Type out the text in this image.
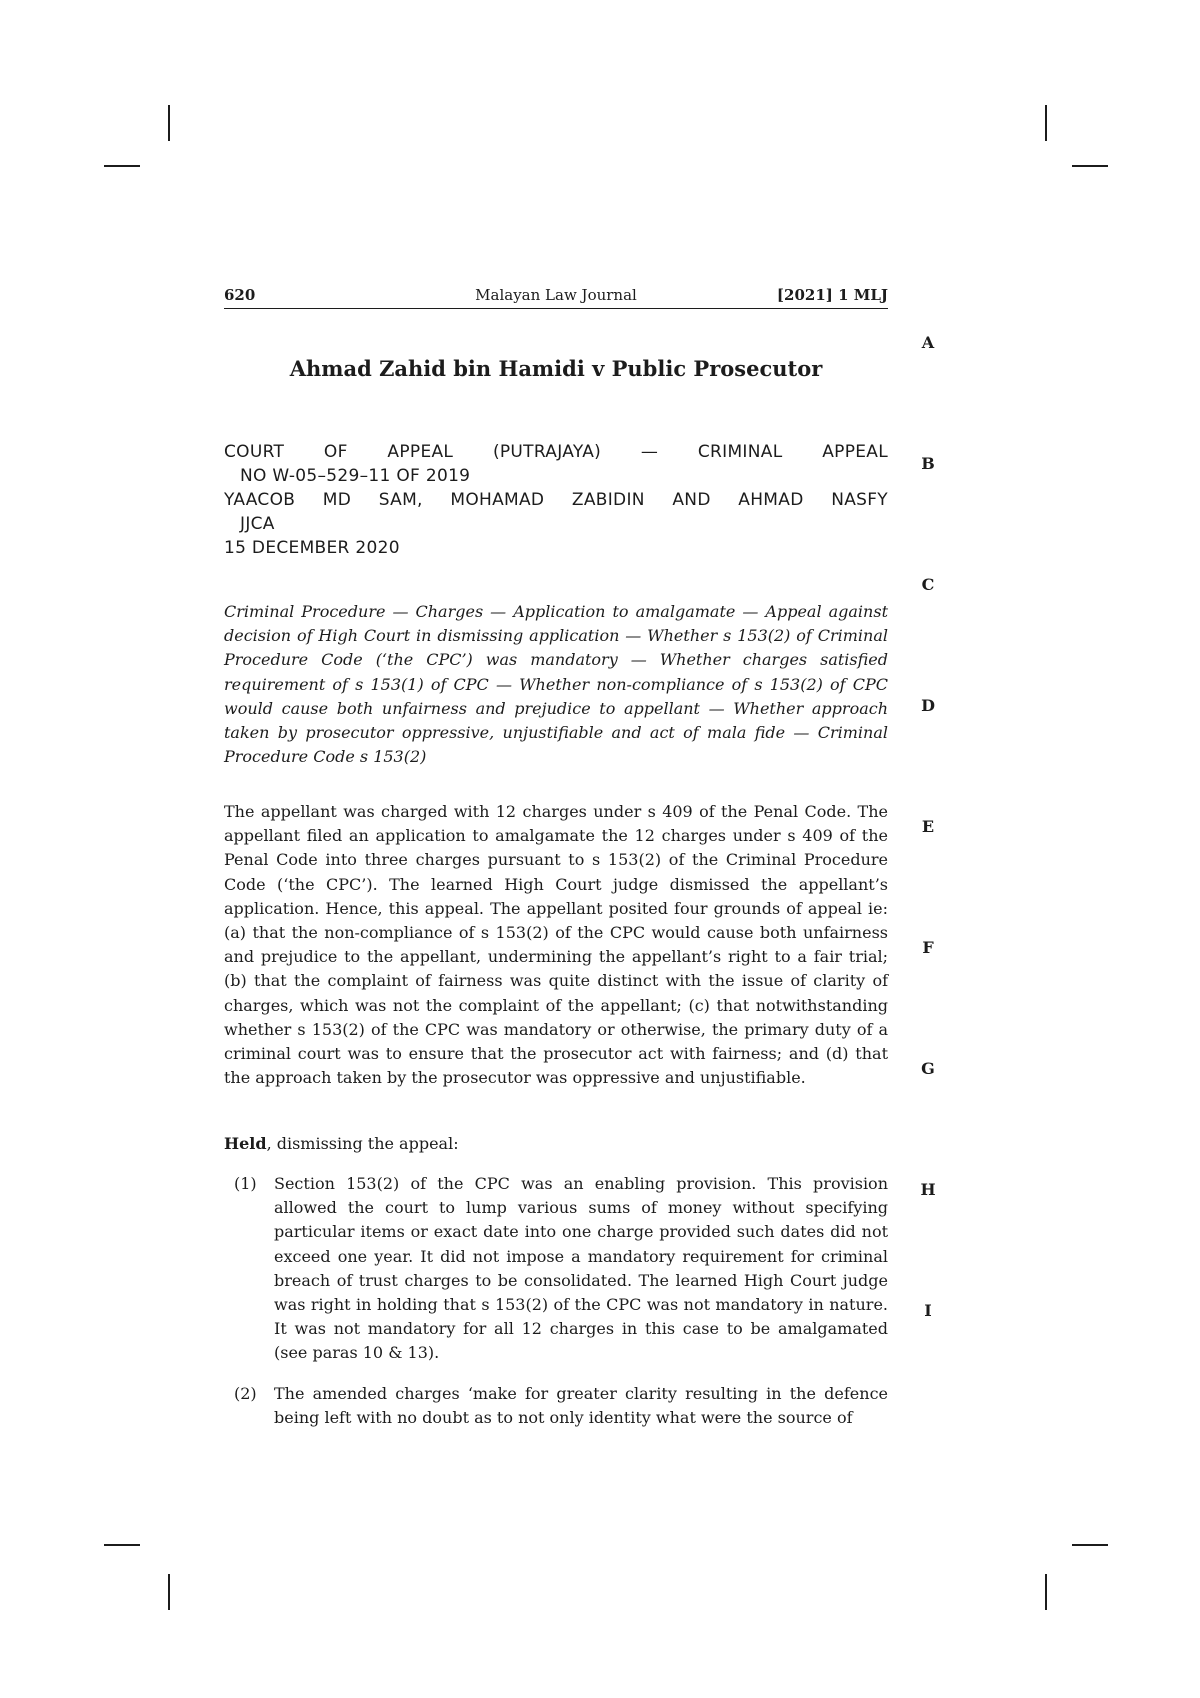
620	Malayan Law Journal	[2021] 1 MLJ
Ahmad Zahid bin Hamidi v Public Prosecutor

COURT OF APPEAL (PUTRAJAYA) — CRIMINAL APPEAL

NO W-05–529–11 OF 2019

YAACOB MD SAM, MOHAMAD ZABIDIN AND AHMAD NASFY

JJCA

15 DECEMBER 2020

Criminal Procedure — Charges — Application to amalgamate — Appeal against decision of High Court in dismissing application — Whether s 153(2) of Criminal Procedure Code (‘the CPC’) was mandatory — Whether charges satisfied requirement of s 153(1) of CPC — Whether non-compliance of s 153(2) of CPC would cause both unfairness and prejudice to appellant — Whether approach taken by prosecutor oppressive, unjustifiable and act of mala fide — Criminal Procedure Code s 153(2)

The appellant was charged with 12 charges under s 409 of the Penal Code. The appellant filed an application to amalgamate the 12 charges under s 409 of the Penal Code into three charges pursuant to s 153(2) of the Criminal Procedure Code (‘the CPC’). The learned High Court judge dismissed the appellant’s application. Hence, this appeal. The appellant posited four grounds of appeal ie: (a) that the non-compliance of s 153(2) of the CPC would cause both unfairness and prejudice to the appellant, undermining the appellant’s right to a fair trial; (b) that the complaint of fairness was quite distinct with the issue of clarity of charges, which was not the complaint of the appellant; (c) that notwithstanding whether s 153(2) of the CPC was mandatory or otherwise, the primary duty of a criminal court was to ensure that the prosecutor act with fairness; and (d) that the approach taken by the prosecutor was oppressive and unjustifiable.

Held, dismissing the appeal:

(1) Section 153(2) of the CPC was an enabling provision. This provision allowed the court to lump various sums of money without specifying particular items or exact date into one charge provided such dates did not exceed one year. It did not impose a mandatory requirement for criminal breach of trust charges to be consolidated. The learned High Court judge was right in holding that s 153(2) of the CPC was not mandatory in nature. It was not mandatory for all 12 charges in this case to be amalgamated (see paras 10 & 13).

(2) The amended charges ‘make for greater clarity resulting in the defence being left with no doubt as to not only identity what were the source of

A
B
C
D
E
F
G
H
I
